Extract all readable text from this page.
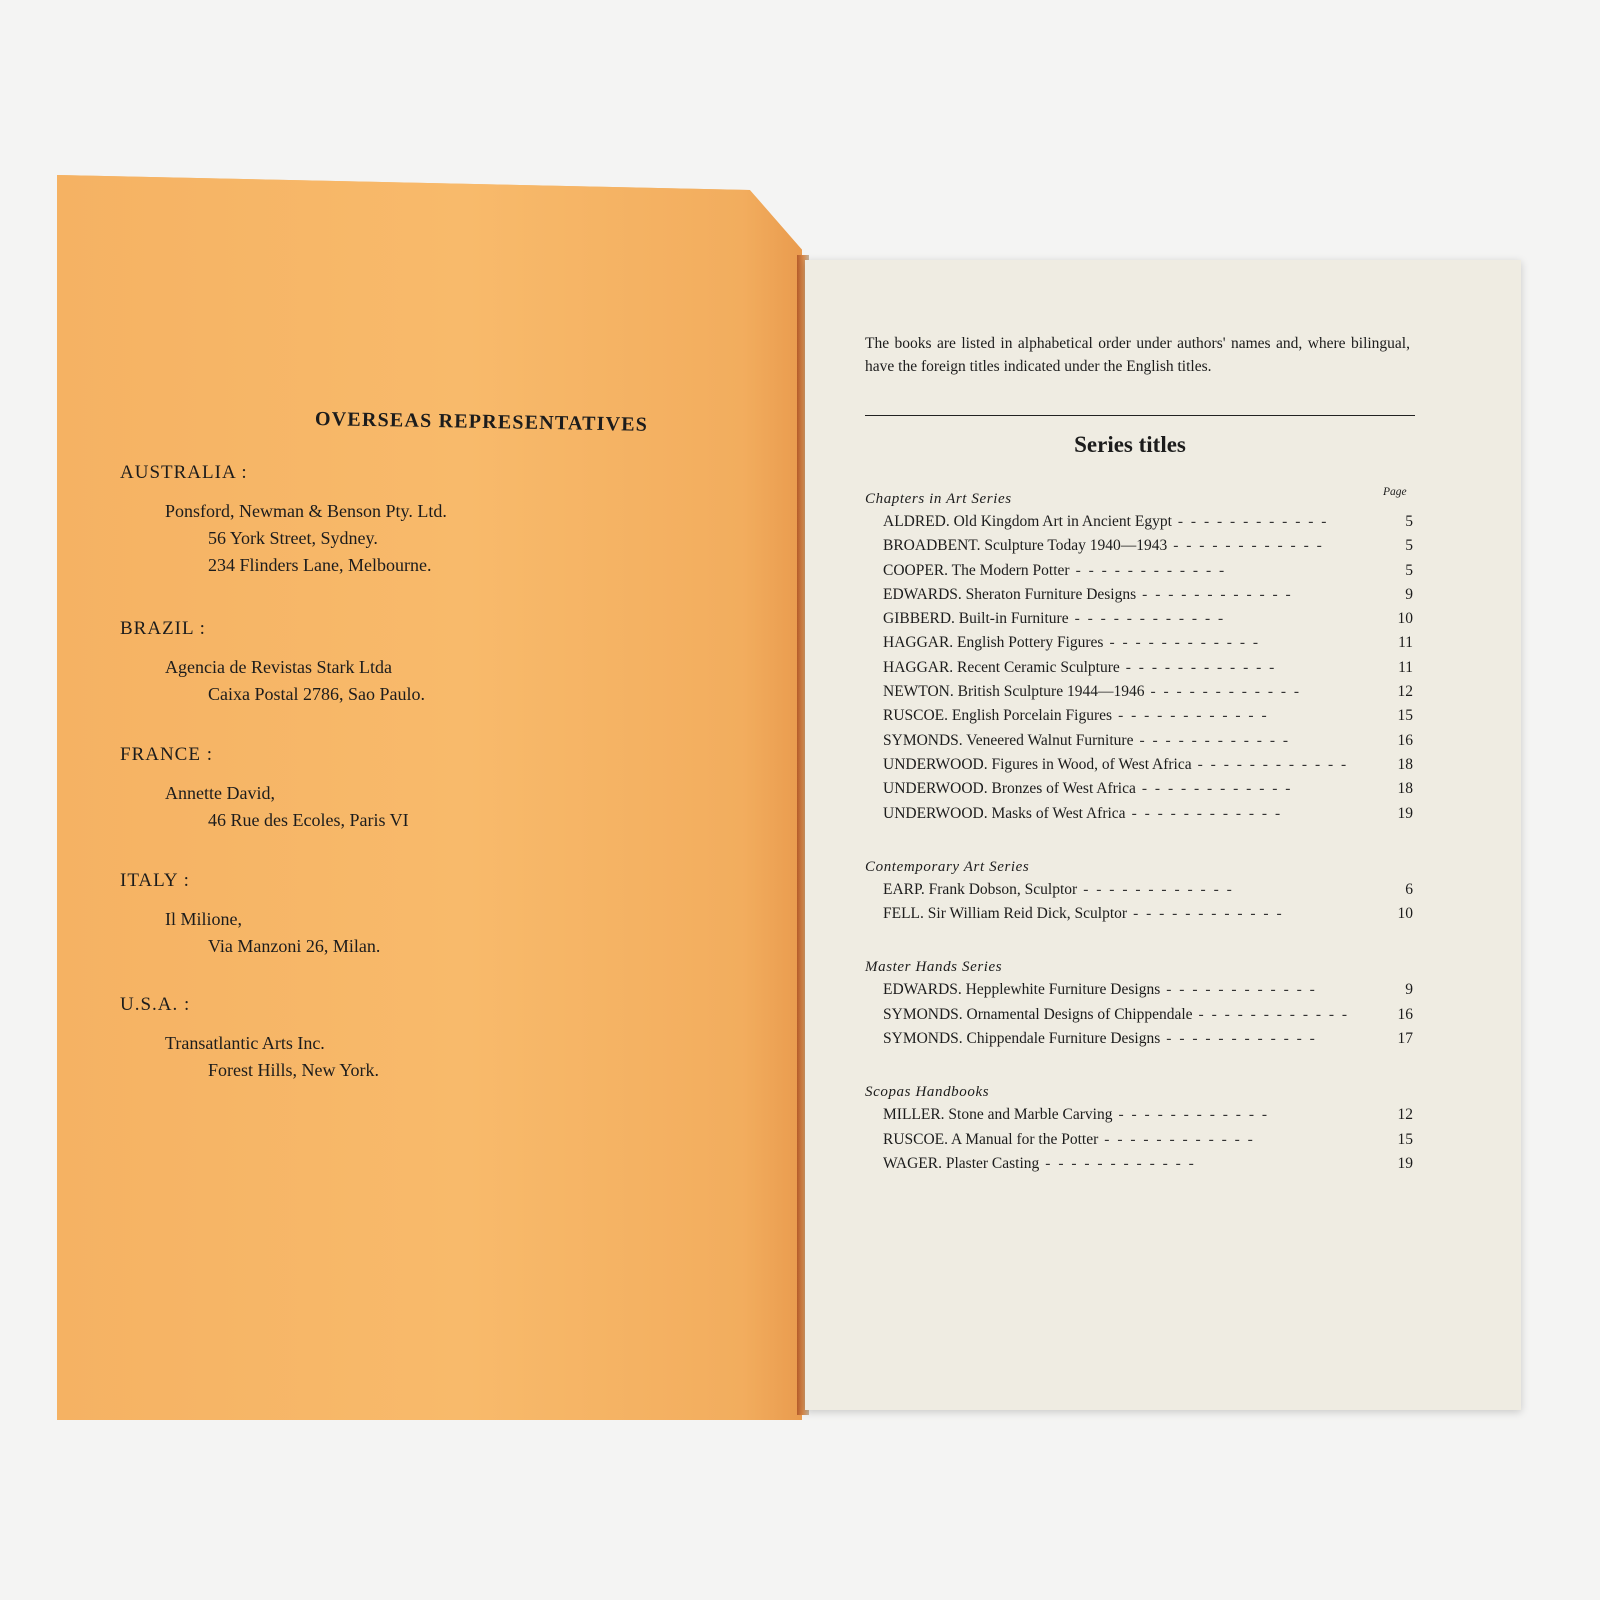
OVERSEAS REPRESENTATIVES

AUSTRALIA :

Ponsford, Newman & Benson Pty. Ltd.

56 York Street, Sydney.

234 Flinders Lane, Melbourne.

BRAZIL :

Agencia de Revistas Stark Ltda

Caixa Postal 2786, Sao Paulo.

FRANCE :

Annette David,

46 Rue des Ecoles, Paris VI

ITALY :

Il Milione,

Via Manzoni 26, Milan.

U.S.A. :

Transatlantic Arts Inc.

Forest Hills, New York.

The books are listed in alphabetical order under authors' names and, where bilingual, have the foreign titles indicated under the English titles.

Series titles
Page

Chapters in Art Series

ALDRED. Old Kingdom Art in Ancient Egypt -	5
BROADBENT. Sculpture Today 1940—1943 -	5
COOPER. The Modern Potter -	5
EDWARDS. Sheraton Furniture Designs -	9
GIBBERD. Built-in Furniture -	10
HAGGAR. English Pottery Figures -	11
HAGGAR. Recent Ceramic Sculpture -	11
NEWTON. British Sculpture 1944—1946 -	12
RUSCOE. English Porcelain Figures -	15
SYMONDS. Veneered Walnut Furniture -	16
UNDERWOOD. Figures in Wood, of West Africa -	18
UNDERWOOD. Bronzes of West Africa -	18
UNDERWOOD. Masks of West Africa -	19

Contemporary Art Series

EARP. Frank Dobson, Sculptor -	6
FELL. Sir William Reid Dick, Sculptor -	10

Master Hands Series

EDWARDS. Hepplewhite Furniture Designs -	9
SYMONDS. Ornamental Designs of Chippendale -	16
SYMONDS. Chippendale Furniture Designs -	17

Scopas Handbooks

MILLER. Stone and Marble Carving -	12
RUSCOE. A Manual for the Potter -	15
WAGER. Plaster Casting -	19
